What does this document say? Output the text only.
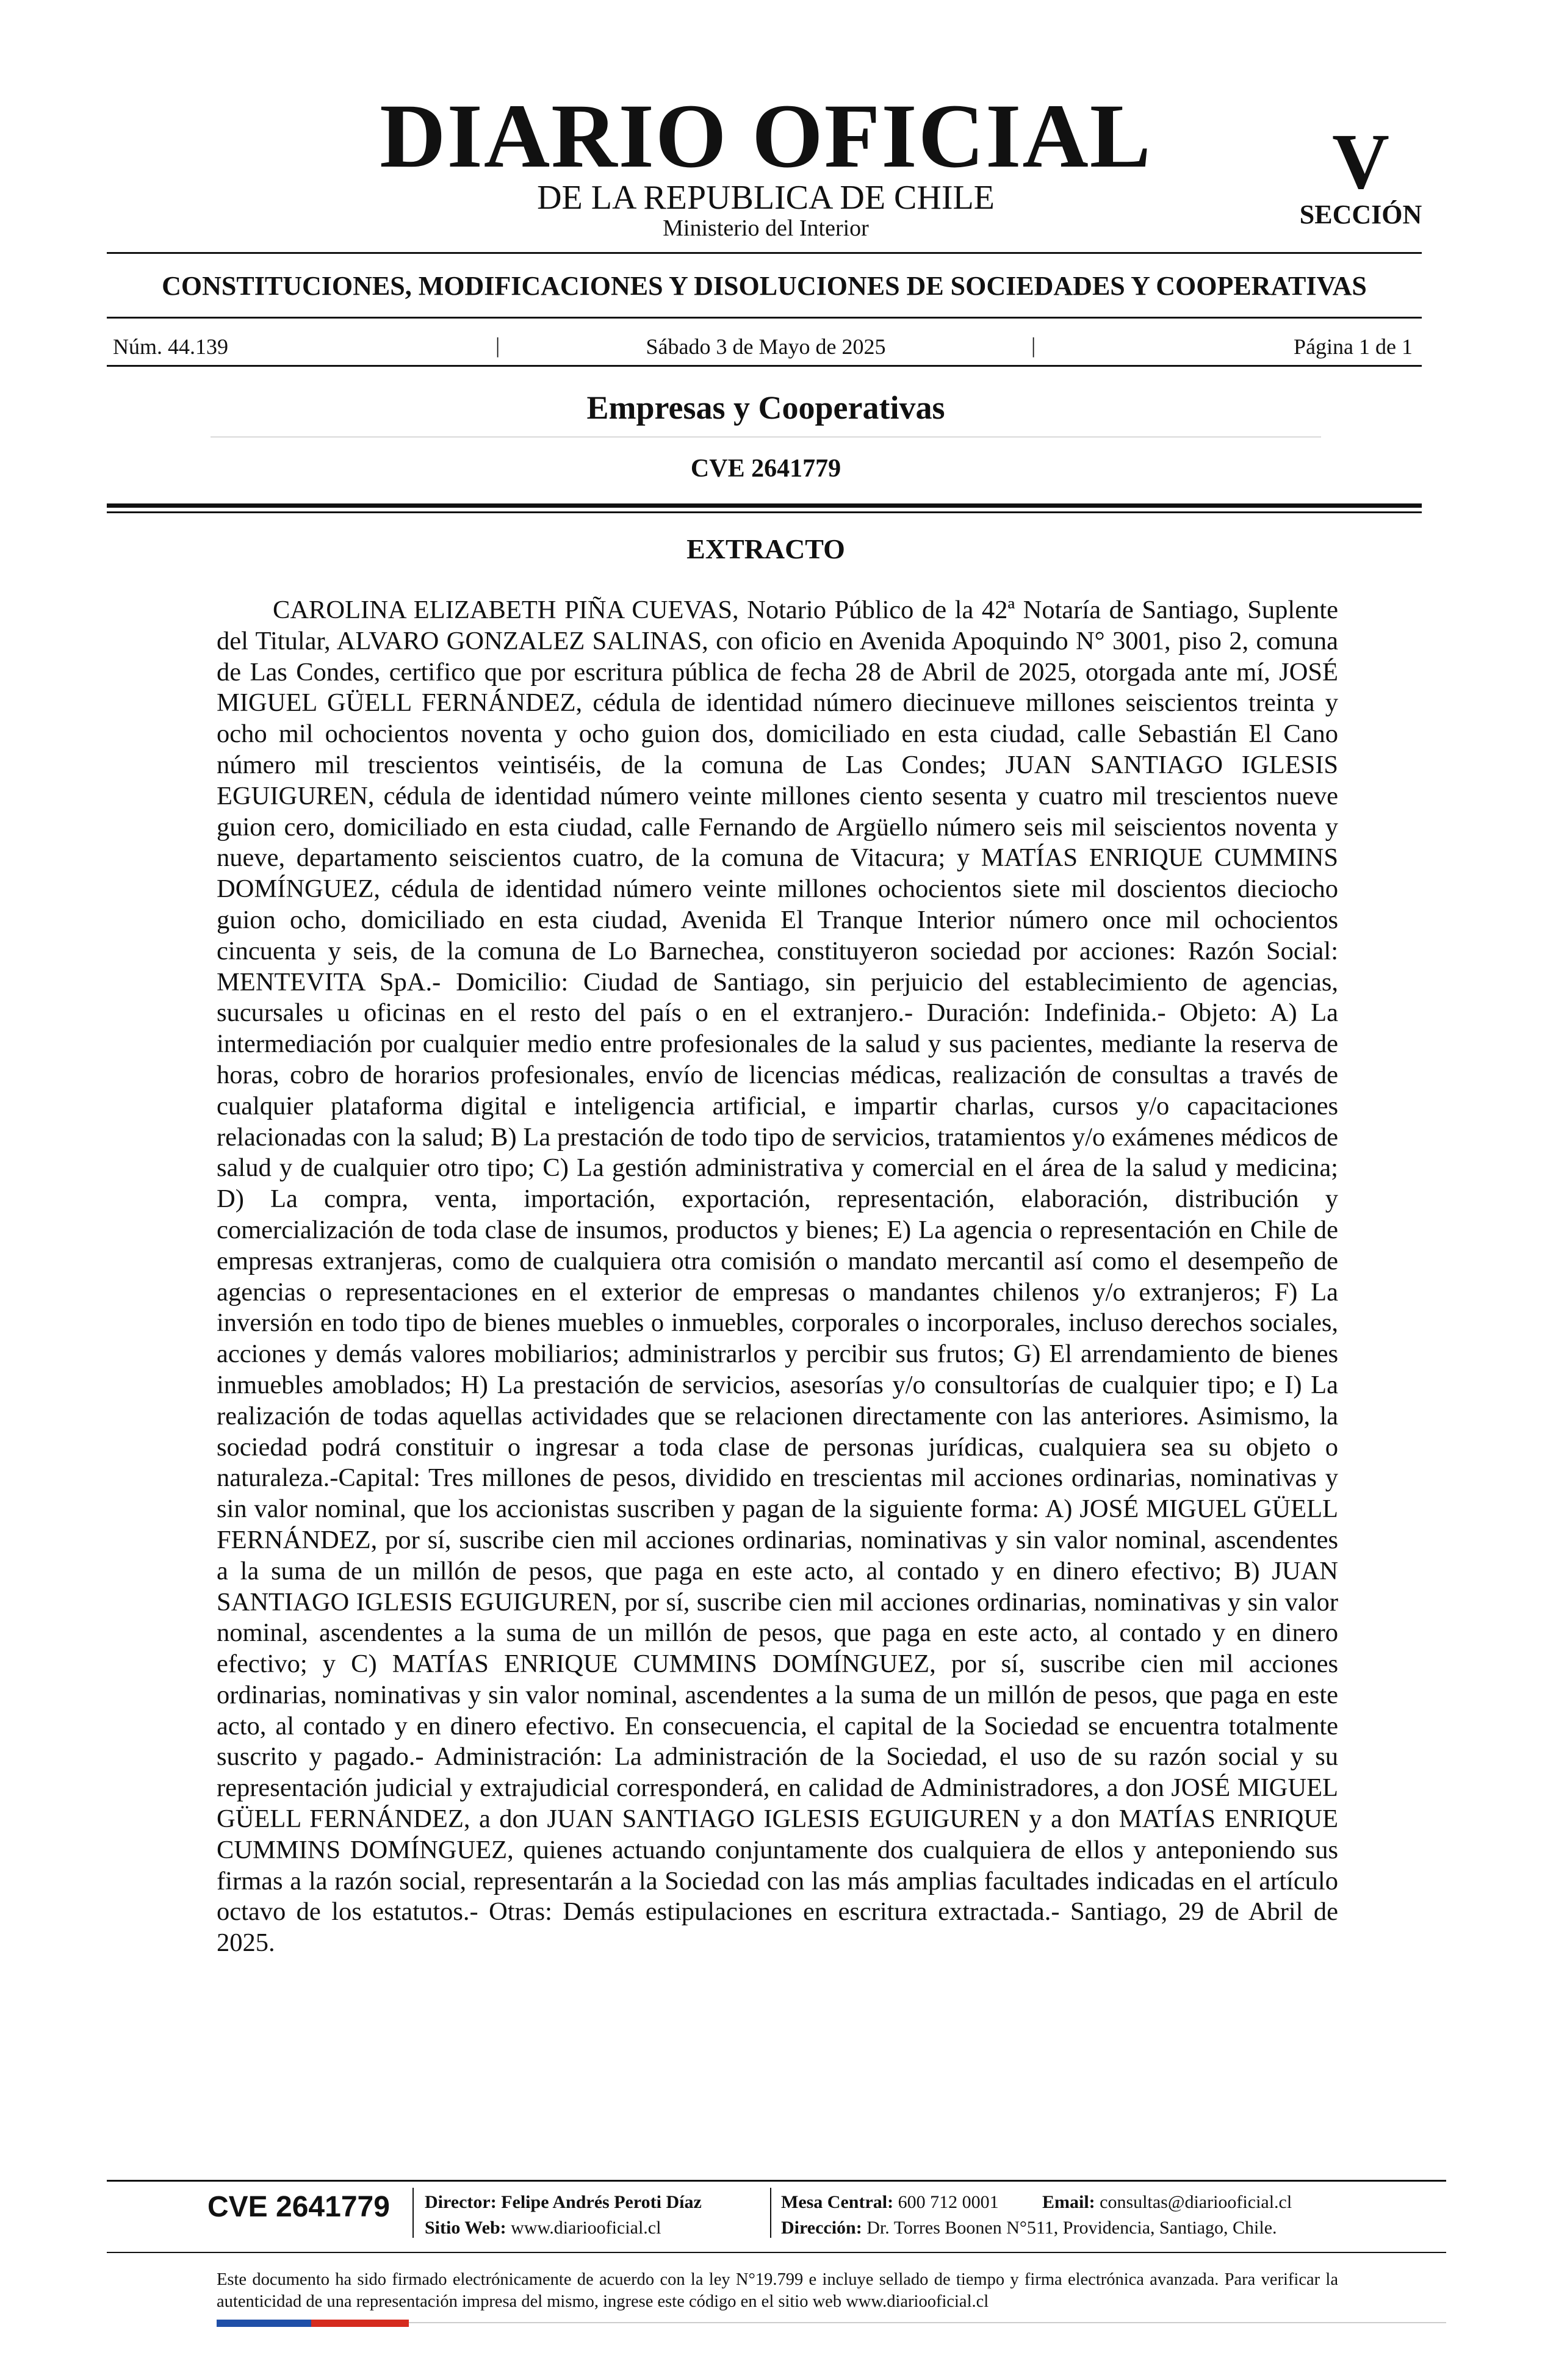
DIARIO OFICIAL
DE LA REPUBLICA DE CHILE
Ministerio del Interior
V
SECCIÓN
CONSTITUCIONES, MODIFICACIONES Y DISOLUCIONES DE SOCIEDADES Y COOPERATIVAS
Núm. 44.139	|	Sábado 3 de Mayo de 2025	|	Página 1 de 1
Empresas y Cooperativas
CVE 2641779
EXTRACTO

CAROLINA ELIZABETH PIÑA CUEVAS, Notario Público de la 42ª Notaría de Santiago, Suplente del Titular, ALVARO GONZALEZ SALINAS, con oficio en Avenida Apoquindo N° 3001, piso 2, comuna de Las Condes, certifico que por escritura pública de fecha 28 de Abril de 2025, otorgada ante mí, JOSÉ MIGUEL GÜELL FERNÁNDEZ, cédula de identidad número diecinueve millones seiscientos treinta y ocho mil ochocientos noventa y ocho guion dos, domiciliado en esta ciudad, calle Sebastián El Cano número mil trescientos veintiséis, de la comuna de Las Condes; JUAN SANTIAGO IGLESIS EGUIGUREN, cédula de identidad número veinte millones ciento sesenta y cuatro mil trescientos nueve guion cero, domiciliado en esta ciudad, calle Fernando de Argüello número seis mil seiscientos noventa y nueve, departamento seiscientos cuatro, de la comuna de Vitacura; y MATÍAS ENRIQUE CUMMINS DOMÍNGUEZ, cédula de identidad número veinte millones ochocientos siete mil doscientos dieciocho guion ocho, domiciliado en esta ciudad, Avenida El Tranque Interior número once mil ochocientos cincuenta y seis, de la comuna de Lo Barnechea, constituyeron sociedad por acciones: Razón Social: MENTEVITA SpA.- Domicilio: Ciudad de Santiago, sin perjuicio del establecimiento de agencias, sucursales u oficinas en el resto del país o en el extranjero.- Duración: Indefinida.- Objeto: A) La intermediación por cualquier medio entre profesionales de la salud y sus pacientes, mediante la reserva de horas, cobro de horarios profesionales, envío de licencias médicas, realización de consultas a través de cualquier plataforma digital e inteligencia artificial, e impartir charlas, cursos y/o capacitaciones relacionadas con la salud; B) La prestación de todo tipo de servicios, tratamientos y/o exámenes médicos de salud y de cualquier otro tipo; C) La gestión administrativa y comercial en el área de la salud y medicina; D) La compra, venta, importación, exportación, representación, elaboración, distribución y comercialización de toda clase de insumos, productos y bienes; E) La agencia o representación en Chile de empresas extranjeras, como de cualquiera otra comisión o mandato mercantil así como el desempeño de agencias o representaciones en el exterior de empresas o mandantes chilenos y/o extranjeros; F) La inversión en todo tipo de bienes muebles o inmuebles, corporales o incorporales, incluso derechos sociales, acciones y demás valores mobiliarios; administrarlos y percibir sus frutos; G) El arrendamiento de bienes inmuebles amoblados; H) La prestación de servicios, asesorías y/o consultorías de cualquier tipo; e I) La realización de todas aquellas actividades que se relacionen directamente con las anteriores. Asimismo, la sociedad podrá constituir o ingresar a toda clase de personas jurídicas, cualquiera sea su objeto o naturaleza.-Capital: Tres millones de pesos, dividido en trescientas mil acciones ordinarias, nominativas y sin valor nominal, que los accionistas suscriben y pagan de la siguiente forma: A) JOSÉ MIGUEL GÜELL FERNÁNDEZ, por sí, suscribe cien mil acciones ordinarias, nominativas y sin valor nominal, ascendentes a la suma de un millón de pesos, que paga en este acto, al contado y en dinero efectivo; B) JUAN SANTIAGO IGLESIS EGUIGUREN, por sí, suscribe cien mil acciones ordinarias, nominativas y sin valor nominal, ascendentes a la suma de un millón de pesos, que paga en este acto, al contado y en dinero efectivo; y C) MATÍAS ENRIQUE CUMMINS DOMÍNGUEZ, por sí, suscribe cien mil acciones ordinarias, nominativas y sin valor nominal, ascendentes a la suma de un millón de pesos, que paga en este acto, al contado y en dinero efectivo. En consecuencia, el capital de la Sociedad se encuentra totalmente suscrito y pagado.- Administración: La administración de la Sociedad, el uso de su razón social y su representación judicial y extrajudicial corresponderá, en calidad de Administradores, a don JOSÉ MIGUEL GÜELL FERNÁNDEZ, a don JUAN SANTIAGO IGLESIS EGUIGUREN y a don MATÍAS ENRIQUE CUMMINS DOMÍNGUEZ, quienes actuando conjuntamente dos cualquiera de ellos y anteponiendo sus firmas a la razón social, representarán a la Sociedad con las más amplias facultades indicadas en el artículo octavo de los estatutos.- Otras: Demás estipulaciones en escritura extractada.- Santiago, 29 de Abril de 2025.

CVE 2641779 Director: Felipe Andrés Peroti Díaz
Sitio Web: www.diariooficial.cl
Mesa Central: 600 712 0001 Email: consultas@diariooficial.cl
Dirección: Dr. Torres Boonen N°511, Providencia, Santiago, Chile.

Este documento ha sido firmado electrónicamente de acuerdo con la ley N°19.799 e incluye sellado de tiempo y firma electrónica avanzada. Para verificar la autenticidad de una representación impresa del mismo, ingrese este código en el sitio web www.diariooficial.cl
